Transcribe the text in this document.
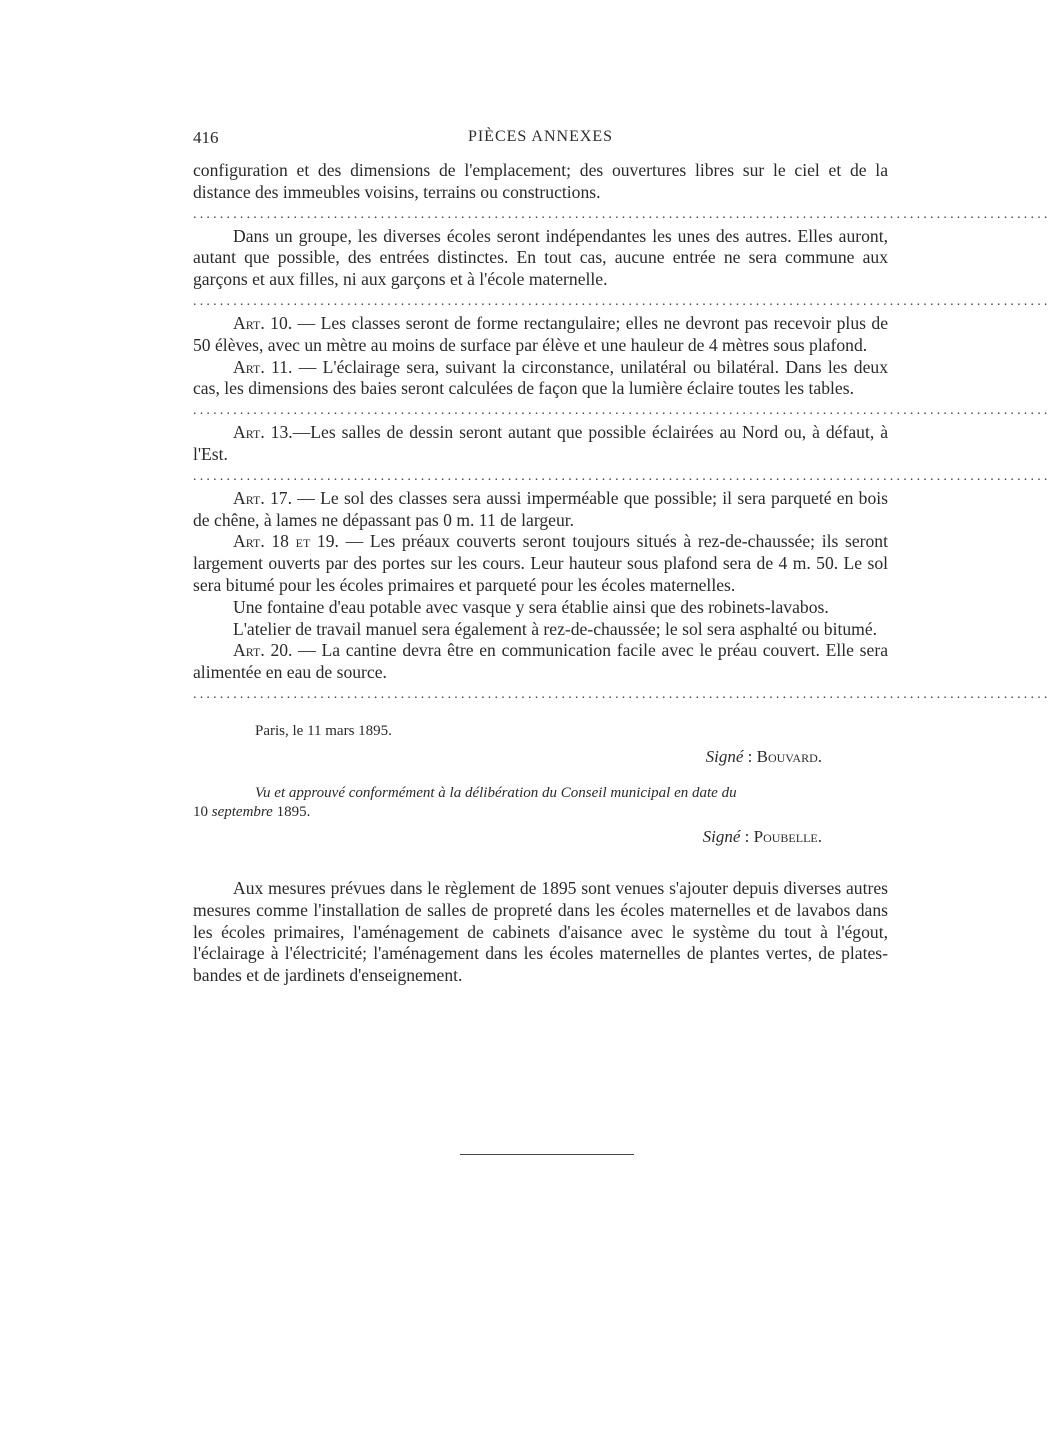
416	PIÈCES ANNEXES

configuration et des dimensions de l'emplacement; des ouvertures libres sur le ciel et de la distance des immeubles voisins, terrains ou constructions.

................................................................................................................................

Dans un groupe, les diverses écoles seront indépendantes les unes des autres. Elles auront, autant que possible, des entrées distinctes. En tout cas, aucune entrée ne sera commune aux garçons et aux filles, ni aux garçons et à l'école maternelle.

................................................................................................................................

Art. 10. — Les classes seront de forme rectangulaire; elles ne devront pas recevoir plus de 50 élèves, avec un mètre au moins de surface par élève et une hauleur de 4 mètres sous plafond.

Art. 11. — L'éclairage sera, suivant la circonstance, unilatéral ou bilatéral. Dans les deux cas, les dimensions des baies seront calculées de façon que la lumière éclaire toutes les tables.

................................................................................................................................

Art. 13.—Les salles de dessin seront autant que possible éclairées au Nord ou, à défaut, à l'Est.

................................................................................................................................

Art. 17. — Le sol des classes sera aussi imperméable que possible; il sera parqueté en bois de chêne, à lames ne dépassant pas 0 m. 11 de largeur.

Art. 18 et 19. — Les préaux couverts seront toujours situés à rez-de-chaussée; ils seront largement ouverts par des portes sur les cours. Leur hauteur sous plafond sera de 4 m. 50. Le sol sera bitumé pour les écoles primaires et parqueté pour les écoles maternelles.

Une fontaine d'eau potable avec vasque y sera établie ainsi que des robinets-lavabos.

L'atelier de travail manuel sera également à rez-de-chaussée; le sol sera asphalté ou bitumé.

Art. 20. — La cantine devra être en communication facile avec le préau couvert. Elle sera alimentée en eau de source.

................................................................................................................................

Paris, le 11 mars 1895.

Signé : Bouvard.

Vu et approuvé conformément à la délibération du Conseil municipal en date du

10 septembre 1895.

Signé : Poubelle.

Aux mesures prévues dans le règlement de 1895 sont venues s'ajouter depuis diverses autres mesures comme l'installation de salles de propreté dans les écoles maternelles et de lavabos dans les écoles primaires, l'aménagement de cabinets d'aisance avec le système du tout à l'égout, l'éclairage à l'électricité; l'aménagement dans les écoles maternelles de plantes vertes, de plates-bandes et de jardinets d'enseignement.
